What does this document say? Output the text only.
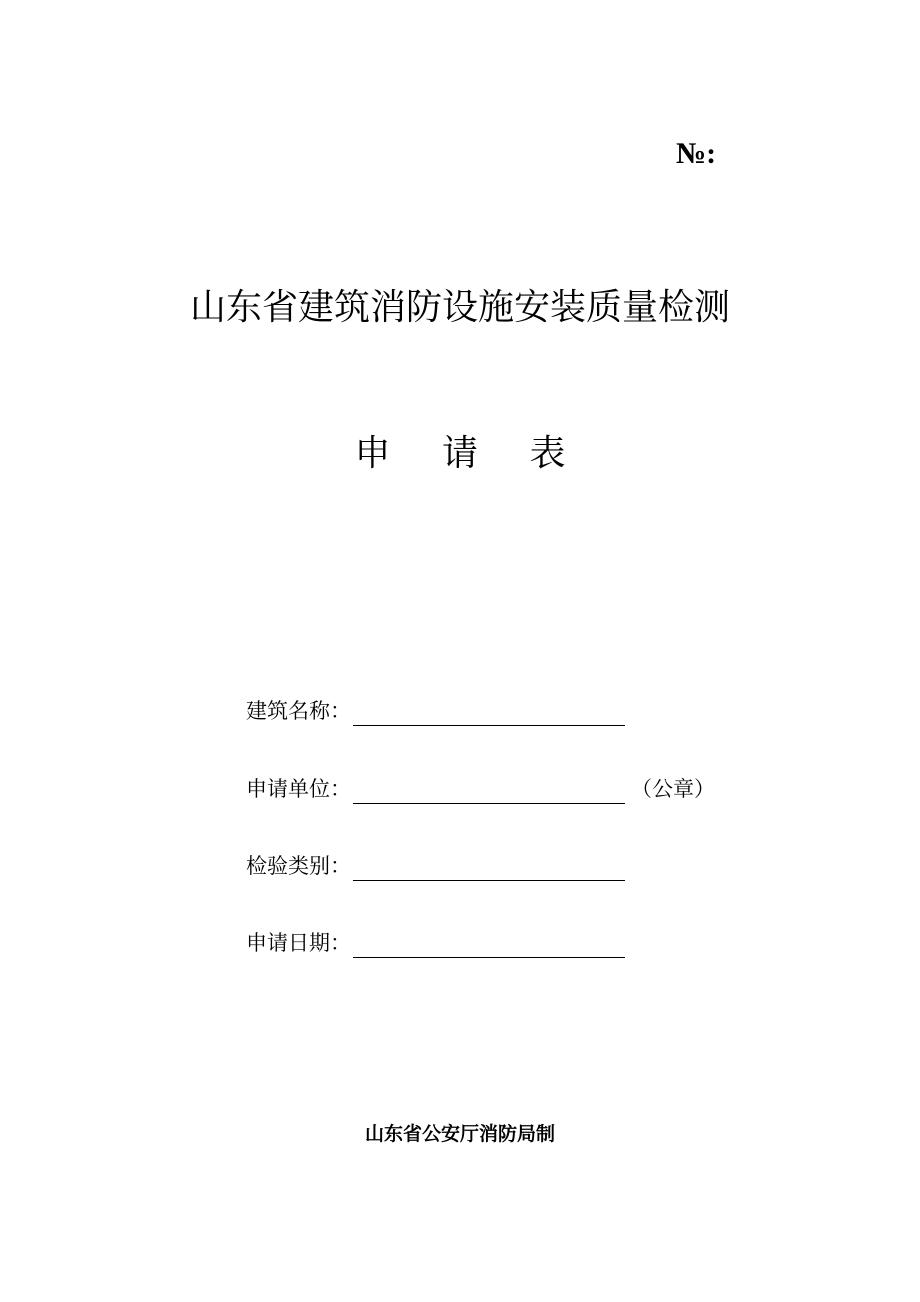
№:
山东省建筑消防设施安装质量检测
申 请 表
建筑名称：
申请单位：	（公章）
检验类别：
申请日期：
山东省公安厅消防局制
